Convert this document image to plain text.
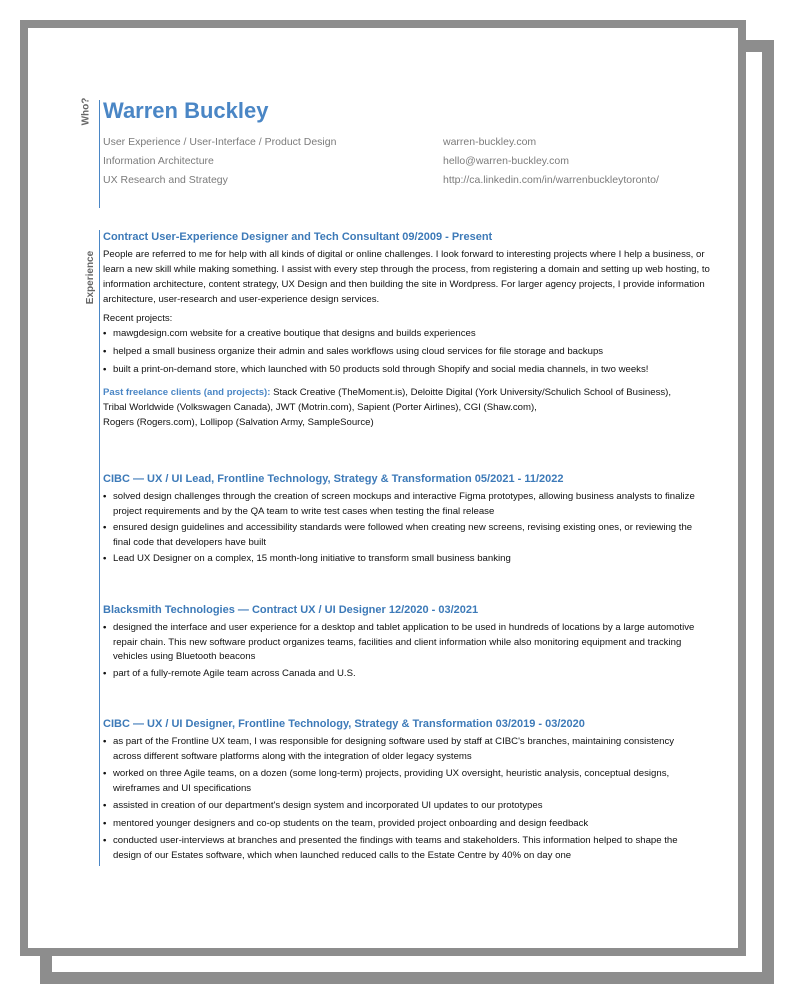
Who?
Experience
Warren Buckley
User Experience / User-Interface / Product Design
Information Architecture
UX Research and Strategy
warren-buckley.com
hello@warren-buckley.com
http://ca.linkedin.com/in/warrenbuckleytoronto/
Contract User-Experience Designer and Tech Consultant 09/2009 - Present

People are referred to me for help with all kinds of digital or online challenges. I look forward to interesting projects where I help a business, or learn a new skill while making something. I assist with every step through the process, from registering a domain and setting up web hosting, to information architecture, content strategy, UX Design and then building the site in Wordpress. For larger agency projects, I provide information architecture, user-research and user-experience design services.

Recent projects:

• mawgdesign.com website for a creative boutique that designs and builds experiences
• helped a small business organize their admin and sales workflows using cloud services for file storage and backups
• built a print-on-demand store, which launched with 50 products sold through Shopify and social media channels, in two weeks!

Past freelance clients (and projects): Stack Creative (TheMoment.is), Deloitte Digital (York University/Schulich School of Business),
Tribal Worldwide (Volkswagen Canada), JWT (Motrin.com), Sapient (Porter Airlines), CGI (Shaw.com),
Rogers (Rogers.com), Lollipop (Salvation Army, SampleSource)

CIBC — UX / UI Lead, Frontline Technology, Strategy & Transformation 05/2021 - 11/2022
• solved design challenges through the creation of screen mockups and interactive Figma prototypes, allowing business analysts to finalize project requirements and by the QA team to write test cases when testing the final release
• ensured design guidelines and accessibility standards were followed when creating new screens, revising existing ones, or reviewing the final code that developers have built
• Lead UX Designer on a complex, 15 month-long initiative to transform small business banking
Blacksmith Technologies — Contract UX / UI Designer 12/2020 - 03/2021
• designed the interface and user experience for a desktop and tablet application to be used in hundreds of locations by a large automotive repair chain. This new software product organizes teams, facilities and client information while also monitoring equipment and tracking vehicles using Bluetooth beacons
• part of a fully-remote Agile team across Canada and U.S.
CIBC — UX / UI Designer, Frontline Technology, Strategy & Transformation 03/2019 - 03/2020
• as part of the Frontline UX team, I was responsible for designing software used by staff at CIBC's branches, maintaining consistency across different software platforms along with the integration of older legacy systems
• worked on three Agile teams, on a dozen (some long-term) projects, providing UX oversight, heuristic analysis, conceptual designs, wireframes and UI specifications
• assisted in creation of our department's design system and incorporated UI updates to our prototypes
• mentored younger designers and co-op students on the team, provided project onboarding and design feedback
• conducted user-interviews at branches and presented the findings with teams and stakeholders. This information helped to shape the design of our Estates software, which when launched reduced calls to the Estate Centre by 40% on day one
